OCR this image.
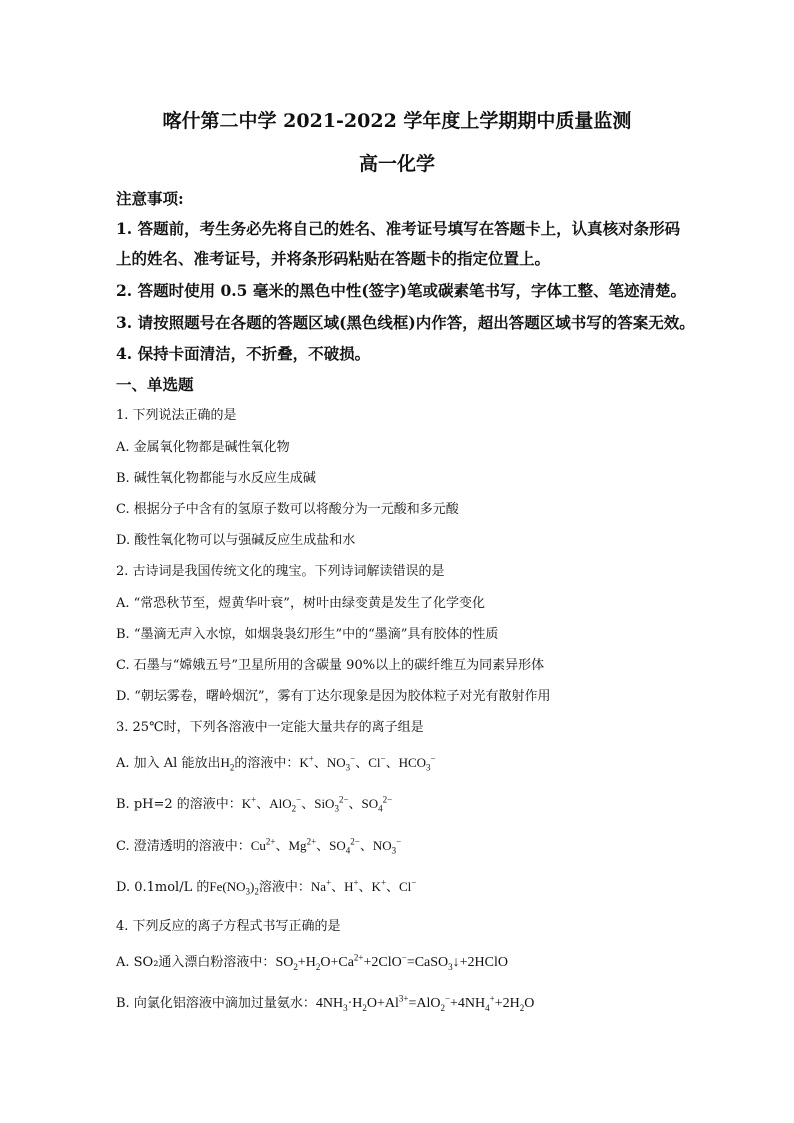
喀什第二中学 2021-2022 学年度上学期期中质量监测
高一化学
注意事项:
1. 答题前，考生务必先将自己的姓名、准考证号填写在答题卡上，认真核对条形码
上的姓名、准考证号，并将条形码粘贴在答题卡的指定位置上。
2. 答题时使用 0.5 毫米的黑色中性(签字)笔或碳素笔书写，字体工整、笔迹清楚。
3. 请按照题号在各题的答题区域(黑色线框)内作答，超出答题区域书写的答案无效。
4. 保持卡面清洁，不折叠，不破损。
一、单选题
1. 下列说法正确的是
A. 金属氧化物都是碱性氧化物
B. 碱性氧化物都能与水反应生成碱
C. 根据分子中含有的氢原子数可以将酸分为一元酸和多元酸
D. 酸性氧化物可以与强碱反应生成盐和水
2. 古诗词是我国传统文化的瑰宝。下列诗词解读错误的是
A. “常恐秋节至，煜黄华叶衰”，树叶由绿变黄是发生了化学变化
B. “墨滴无声入水惊，如烟袅袅幻形生”中的“墨滴”具有胶体的性质
C. 石墨与“嫦娥五号”卫星所用的含碳量 90%以上的碳纤维互为同素异形体
D. “朝坛雾卷，曙岭烟沉”，雾有丁达尔现象是因为胶体粒子对光有散射作用
3. 25℃时，下列各溶液中一定能大量共存的离子组是
A. 加入 Al 能放出$H_2$的溶液中：K+、$NO_3^-$、Cl−、$HCO_3^-$
B. pH=2 的溶液中：K+、AlO$_2$−、SiO$_3^{2-}$、$SO_4^{2-}$
C. 澄清透明的溶液中：$Cu^{2+}$、$Mg^{2+}$、$SO_4^{2-}$、$NO_3^-$
D. 0.1mol/L 的$Fe(NO_3)_2$溶液中：Na+、H+、K+、Cl−
4. 下列反应的离子方程式书写正确的是
A. SO₂通入漂白粉溶液中：$SO_2+H_2O+Ca^{2+}+2ClO^-=CaSO_3↓+2HClO$
B. 向氯化铝溶液中滴加过量氨水：$4NH_3\cdot H_2O+Al^{3+}=AlO_2^-+4NH_4^++2H_2O$
